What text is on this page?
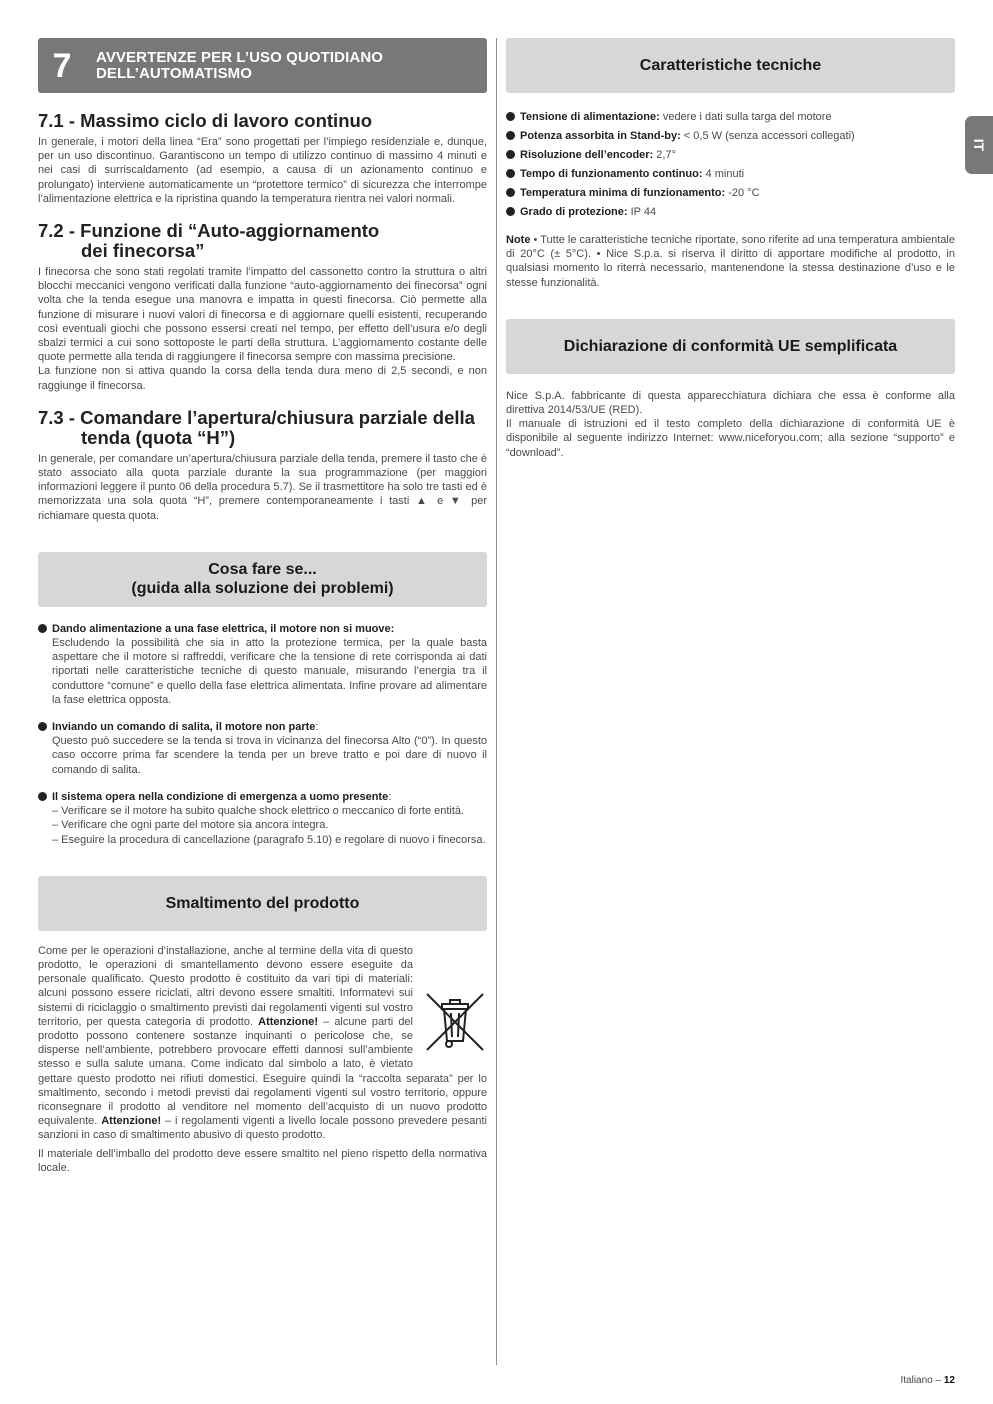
7	AVVERTENZE PER L’USO QUOTIDIANO
DELL’AUTOMATISMO
7.1 - Massimo ciclo di lavoro continuo

In generale, i motori della linea “Era” sono progettati per l’impiego residenziale e, dunque, per un uso discontinuo. Garantiscono un tempo di utilizzo continuo di massimo 4 minuti e nei casi di surriscaldamento (ad esempio, a causa di un azionamento continuo e prolungato) interviene automaticamente un “protettore termico” di sicurezza che interrompe l’alimentazione elettrica e la ripristina quando la temperatura rientra nei valori normali.

7.2 - Funzione di “Auto-aggiornamento
dei finecorsa”

I finecorsa che sono stati regolati tramite l’impatto del cassonetto contro la struttura o altri blocchi meccanici vengono verificati dalla funzione “auto-aggiornamento dei finecorsa” ogni volta che la tenda esegue una manovra e impatta in questi finecorsa. Ciò permette alla funzione di misurare i nuovi valori di finecorsa e di aggiornare quelli esistenti, recuperando così eventuali giochi che possono essersi creati nel tempo, per effetto dell’usura e/o degli sbalzi termici a cui sono sottoposte le parti della struttura. L’aggiornamento costante delle quote permette alla tenda di raggiungere il finecorsa sempre con massima precisione.

La funzione non si attiva quando la corsa della tenda dura meno di 2,5 secondi, e non raggiunge il finecorsa.

7.3 - Comandare l’apertura/chiusura parziale della
tenda (quota “H”)

In generale, per comandare un’apertura/chiusura parziale della tenda, premere il tasto che è stato associato alla quota parziale durante la sua programmazione (per maggiori informazioni leggere il punto 06 della procedura 5.7). Se il trasmettitore ha solo tre tasti ed è memorizzata una sola quota “H”, premere contemporaneamente i tasti ▲ e ▼ per richiamare questa quota.

Cosa fare se...
(guida alla soluzione dei problemi)
Dando alimentazione a una fase elettrica, il motore non si muove:
Escludendo la possibilità che sia in atto la protezione termica, per la quale basta aspettare che il motore si raffreddi, verificare che la tensione di rete corrisponda ai dati riportati nelle caratteristiche tecniche di questo manuale, misurando l’energia tra il conduttore “comune” e quello della fase elettrica alimentata. Infine provare ad alimentare la fase elettrica opposta.
Inviando un comando di salita, il motore non parte:
Questo può succedere se la tenda si trova in vicinanza del finecorsa Alto (“0”). In questo caso occorre prima far scendere la tenda per un breve tratto e poi dare di nuovo il comando di salita.
Il sistema opera nella condizione di emergenza a uomo presente:
– Verificare se il motore ha subito qualche shock elettrico o meccanico di forte entità.
– Verificare che ogni parte del motore sia ancora integra.
– Eseguire la procedura di cancellazione (paragrafo 5.10) e regolare di nuovo i finecorsa.
Smaltimento del prodotto

Come per le operazioni d’installazione, anche al termine della vita di questo prodotto, le operazioni di smantellamento devono essere eseguite da personale qualificato. Questo prodotto è costituito da vari tipi di materiali: alcuni possono essere riciclati, altri devono essere smaltiti. Informatevi sui sistemi di riciclaggio o smaltimento previsti dai regolamenti vigenti sul vostro territorio, per questa categoria di prodotto. Attenzione! – alcune parti del prodotto possono contenere sostanze inquinanti o pericolose che, se disperse nell’ambiente, potrebbero provocare effetti dannosi sull’ambiente stesso e sulla salute umana. Come indicato dal simbolo a lato, è vietato gettare questo prodotto nei rifiuti domestici. Eseguire quindi la “raccolta separata” per lo smaltimento, secondo i metodi previsti dai regolamenti vigenti sul vostro territorio, oppure riconsegnare il prodotto al venditore nel momento dell’acquisto di un nuovo prodotto equivalente. Attenzione! – i regolamenti vigenti a livello locale possono prevedere pesanti sanzioni in caso di smaltimento abusivo di questo prodotto.

Il materiale dell’imballo del prodotto deve essere smaltito nel pieno rispetto della normativa locale.

Caratteristiche tecniche
Tensione di alimentazione: vedere i dati sulla targa del motore
Potenza assorbita in Stand-by: < 0,5 W (senza accessori collegati)
Risoluzione dell’encoder: 2,7°
Tempo di funzionamento continuo: 4 minuti
Temperatura minima di funzionamento: -20 °C
Grado di protezione: IP 44

Note • Tutte le caratteristiche tecniche riportate, sono riferite ad una temperatura ambientale di 20°C (± 5°C). • Nice S.p.a. si riserva il diritto di apportare modifiche al prodotto, in qualsiasi momento lo riterrà necessario, mantenendone la stessa destinazione d’uso e le stesse funzionalità.

Dichiarazione di conformità UE semplificata

Nice S.p.A. fabbricante di questa apparecchiatura dichiara che essa è conforme alla direttiva 2014/53/UE (RED).

Il manuale di istruzioni ed il testo completo della dichiarazione di conformità UE è disponibile al seguente indirizzo Internet: www.niceforyou.com; alla sezione “supporto” e “download”.

IT
Italiano – 12
